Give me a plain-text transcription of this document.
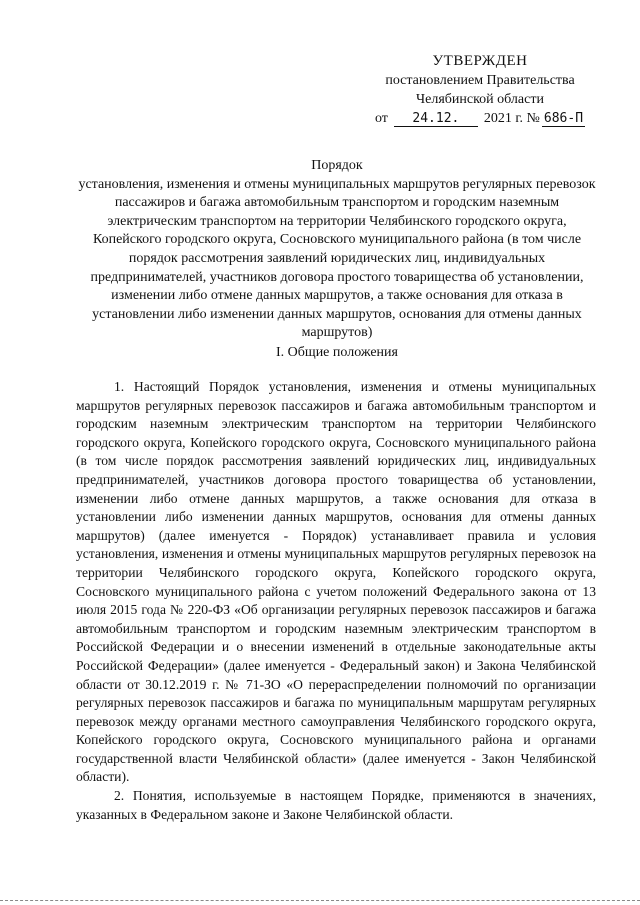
УТВЕРЖДЕН
постановлением Правительства
Челябинской области
от	24.12.	2021 г. № 686-П
Порядок
установления, изменения и отмены муниципальных маршрутов регулярных перевозок пассажиров и багажа автомобильным транспортом и городским наземным электрическим транспортом на территории Челябинского городского округа, Копейского городского округа, Сосновского муниципального района (в том числе порядок рассмотрения заявлений юридических лиц, индивидуальных предпринимателей, участников договора простого товарищества об установлении, изменении либо отмене данных маршрутов, а также основания для отказа в установлении либо изменении данных маршрутов, основания для отмены данных маршрутов)
I. Общие положения

1. Настоящий Порядок установления, изменения и отмены муниципальных маршрутов регулярных перевозок пассажиров и багажа автомобильным транспортом и городским наземным электрическим транспортом на территории Челябинского городского округа, Копейского городского округа, Сосновского муниципального района (в том числе порядок рассмотрения заявлений юридических лиц, индивидуальных предпринимателей, участников договора простого товарищества об установлении, изменении либо отмене данных маршрутов, а также основания для отказа в установлении либо изменении данных маршрутов, основания для отмены данных маршрутов) (далее именуется - Порядок) устанавливает правила и условия установления, изменения и отмены муниципальных маршрутов регулярных перевозок на территории Челябинского городского округа, Копейского городского округа, Сосновского муниципального района с учетом положений Федерального закона от 13 июля 2015 года № 220-ФЗ «Об организации регулярных перевозок пассажиров и багажа автомобильным транспортом и городским наземным электрическим транспортом в Российской Федерации и о внесении изменений в отдельные законодательные акты Российской Федерации» (далее именуется - Федеральный закон) и Закона Челябинской области от 30.12.2019 г. № 71-ЗО «О перераспределении полномочий по организации регулярных перевозок пассажиров и багажа по муниципальным маршрутам регулярных перевозок между органами местного самоуправления Челябинского городского округа, Копейского городского округа, Сосновского муниципального района и органами государственной власти Челябинской области» (далее именуется - Закон Челябинской области).

2. Понятия, используемые в настоящем Порядке, применяются в значениях, указанных в Федеральном законе и Законе Челябинской области.
